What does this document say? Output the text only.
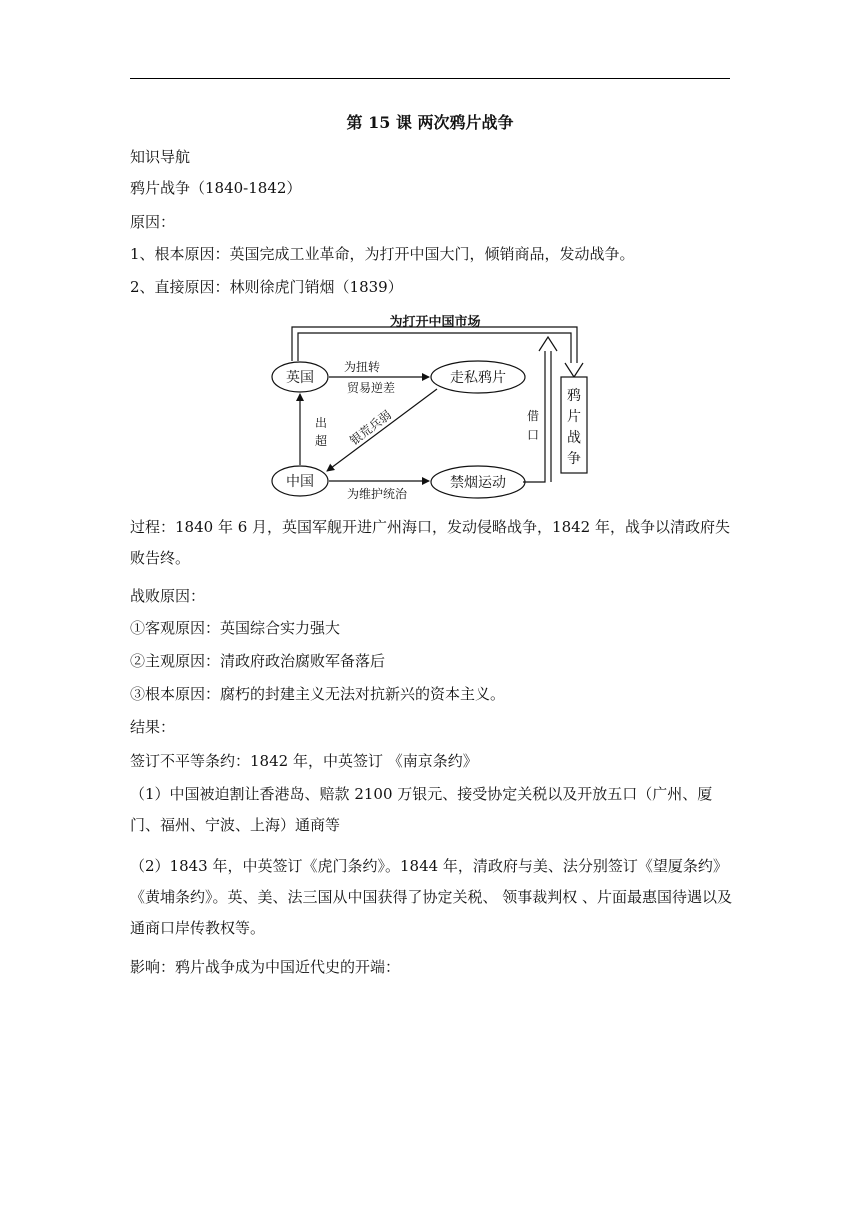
第 15 课 两次鸦片战争
知识导航
鸦片战争（1840-1842）
原因：
1、根本原因：英国完成工业革命，为打开中国大门，倾销商品，发动战争。
2、直接原因：林则徐虎门销烟（1839）
为打开中国市场
英国	走私鸦片
为扭转
贸易逆差
中国	禁烟运动
出
超 银荒兵弱
为维护统治
借
口
鸦
片
战
争
过程：1840 年 6 月，英国军舰开进广州海口，发动侵略战争，1842 年，战争以清政府失败告终。
战败原因：
①客观原因：英国综合实力强大
②主观原因：清政府政治腐败军备落后
③根本原因：腐朽的封建主义无法对抗新兴的资本主义。
结果：
签订不平等条约：1842 年，中英签订 《南京条约》
（1）中国被迫割让香港岛、赔款 2100 万银元、接受协定关税以及开放五口（广州、厦门、福州、宁波、上海）通商等
（2）1843 年，中英签订《虎门条约》。1844 年，清政府与美、法分别签订《望厦条约》《黄埔条约》。英、美、法三国从中国获得了协定关税、 领事裁判权 、片面最惠国待遇以及通商口岸传教权等。
影响：鸦片战争成为中国近代史的开端：
